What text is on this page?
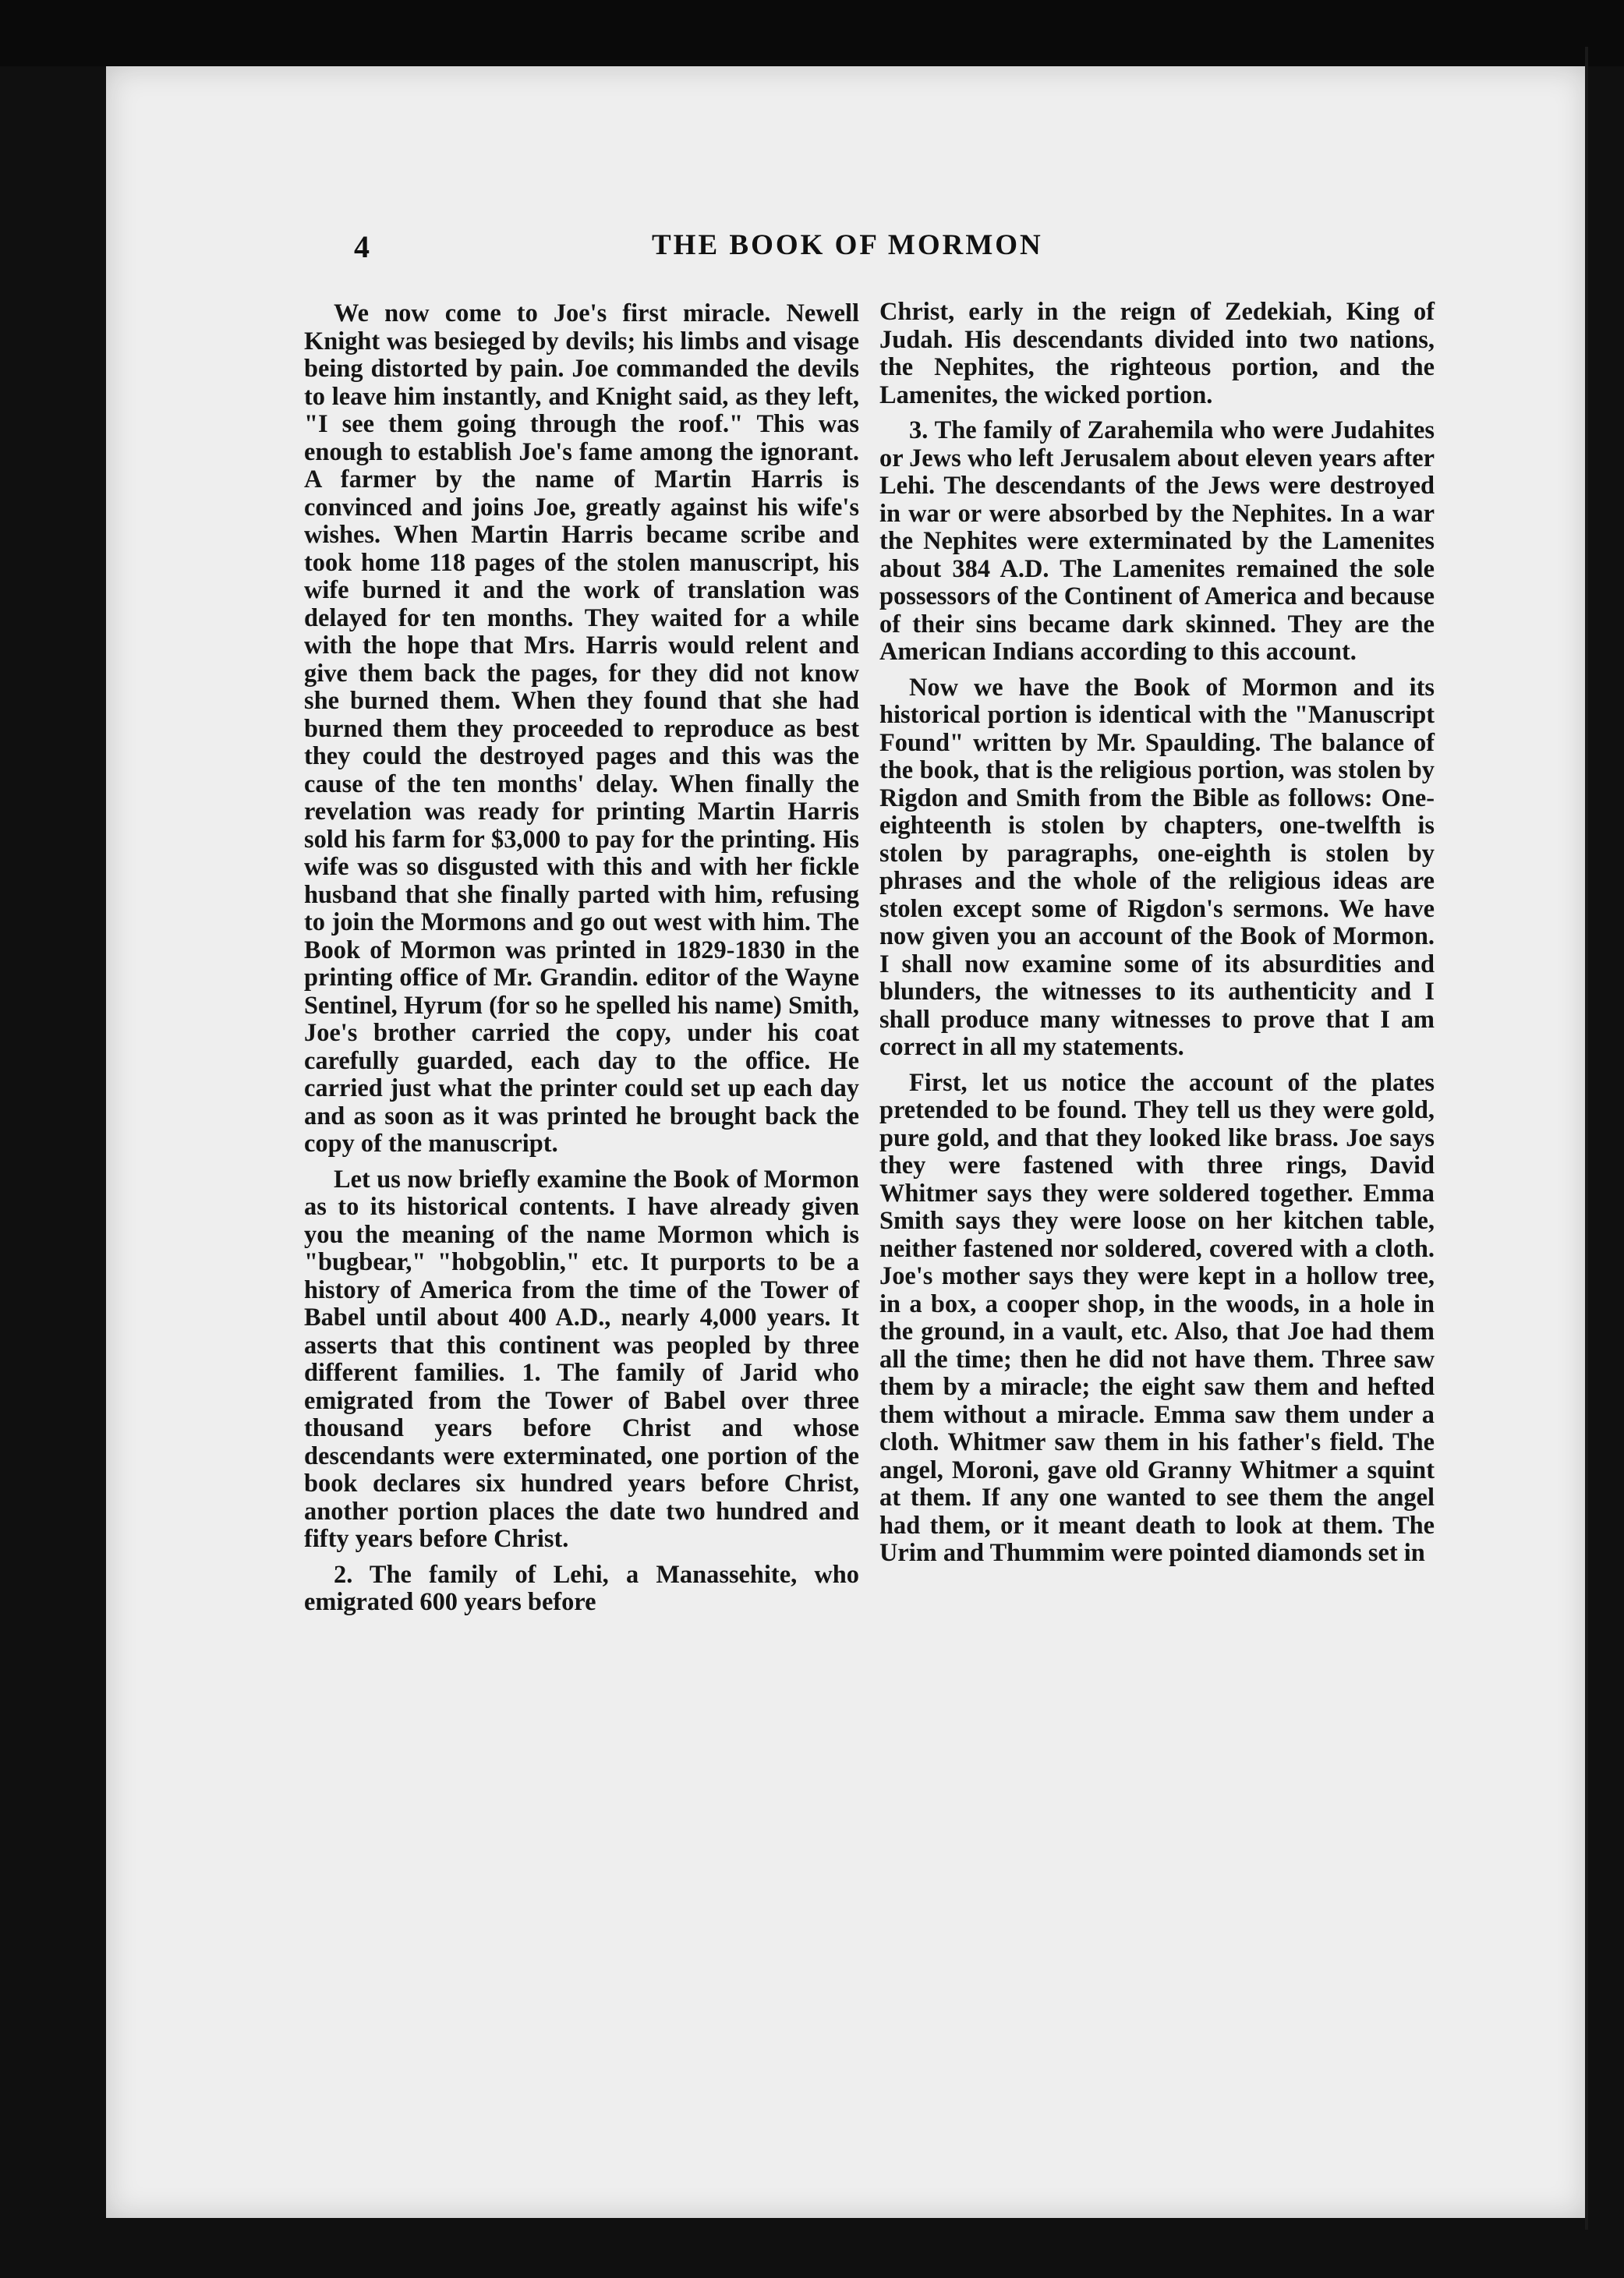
4	THE BOOK OF MORMON

We now come to Joe's first miracle. Newell Knight was besieged by devils; his limbs and visage being distorted by pain. Joe commanded the devils to leave him instantly, and Knight said, as they left, "I see them going through the roof." This was enough to establish Joe's fame among the ignorant. A farmer by the name of Martin Harris is convinced and joins Joe, greatly against his wife's wishes. When Martin Harris became scribe and took home 118 pages of the stolen manuscript, his wife burned it and the work of translation was delayed for ten months. They waited for a while with the hope that Mrs. Harris would relent and give them back the pages, for they did not know she burned them. When they found that she had burned them they proceeded to reproduce as best they could the destroyed pages and this was the cause of the ten months' delay. When finally the revelation was ready for printing Martin Harris sold his farm for $3,000 to pay for the printing. His wife was so disgusted with this and with her fickle husband that she finally parted with him, refusing to join the Mormons and go out west with him. The Book of Mormon was printed in 1829-1830 in the printing office of Mr. Grandin. editor of the Wayne Sentinel, Hyrum (for so he spelled his name) Smith, Joe's brother carried the copy, under his coat carefully guarded, each day to the office. He carried just what the printer could set up each day and as soon as it was printed he brought back the copy of the manuscript.

Let us now briefly examine the Book of Mormon as to its historical contents. I have already given you the meaning of the name Mormon which is "bugbear," "hobgoblin," etc. It purports to be a history of America from the time of the Tower of Babel until about 400 A.D., nearly 4,000 years. It asserts that this continent was peopled by three different families. 1. The family of Jarid who emigrated from the Tower of Babel over three thousand years before Christ and whose descendants were exterminated, one portion of the book declares six hundred years before Christ, another portion places the date two hundred and fifty years before Christ.

2. The family of Lehi, a Manassehite, who emigrated 600 years before

Christ, early in the reign of Zedekiah, King of Judah. His descendants divided into two nations, the Nephites, the righteous portion, and the Lamenites, the wicked portion.

3. The family of Zarahemila who were Judahites or Jews who left Jerusalem about eleven years after Lehi. The descendants of the Jews were destroyed in war or were absorbed by the Nephites. In a war the Nephites were exterminated by the Lamenites about 384 A.D. The Lamenites remained the sole possessors of the Continent of America and because of their sins became dark skinned. They are the American Indians according to this account.

Now we have the Book of Mormon and its historical portion is identical with the "Manuscript Found" written by Mr. Spaulding. The balance of the book, that is the religious portion, was stolen by Rigdon and Smith from the Bible as follows: One-eighteenth is stolen by chapters, one-twelfth is stolen by paragraphs, one-eighth is stolen by phrases and the whole of the religious ideas are stolen except some of Rigdon's sermons. We have now given you an account of the Book of Mormon. I shall now examine some of its absurdities and blunders, the witnesses to its authenticity and I shall produce many witnesses to prove that I am correct in all my statements.

First, let us notice the account of the plates pretended to be found. They tell us they were gold, pure gold, and that they looked like brass. Joe says they were fastened with three rings, David Whitmer says they were soldered together. Emma Smith says they were loose on her kitchen table, neither fastened nor soldered, covered with a cloth. Joe's mother says they were kept in a hollow tree, in a box, a cooper shop, in the woods, in a hole in the ground, in a vault, etc. Also, that Joe had them all the time; then he did not have them. Three saw them by a miracle; the eight saw them and hefted them without a miracle. Emma saw them under a cloth. Whitmer saw them in his father's field. The angel, Moroni, gave old Granny Whitmer a squint at them. If any one wanted to see them the angel had them, or it meant death to look at them. The Urim and Thummim were pointed diamonds set in
